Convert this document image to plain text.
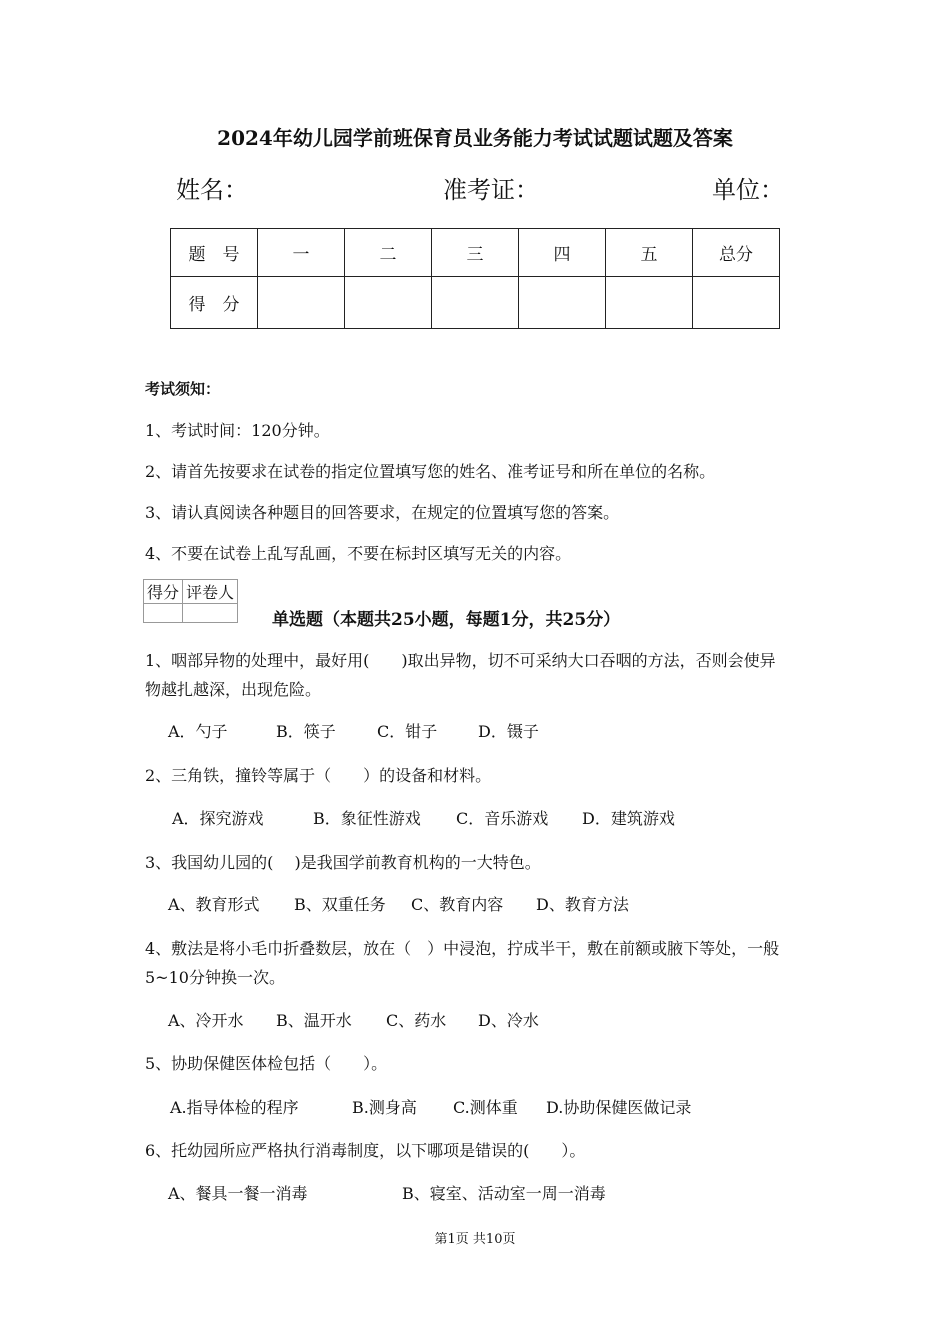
2024年幼儿园学前班保育员业务能力考试试题试题及答案
姓名：	准考证：	单位：
题　号	一	二	三	四	五	总分
得　分						
考试须知：
1、考试时间：120分钟。
2、请首先按要求在试卷的指定位置填写您的姓名、准考证号和所在单位的名称。
3、请认真阅读各种题目的回答要求，在规定的位置填写您的答案。
4、不要在试卷上乱写乱画，不要在标封区填写无关的内容。
得分	评卷人

单选题（本题共25小题，每题1分，共25分）
1、咽部异物的处理中，最好用(　　)取出异物，切不可采纳大口吞咽的方法，否则会使异
物越扎越深，出现危险。
A．勺子	B．筷子	C．钳子	D．镊子
2、三角铁，撞铃等属于（　　）的设备和材料。
A．探究游戏	B．象征性游戏 C．音乐游戏 D．建筑游戏
3、我国幼儿园的(　 )是我国学前教育机构的一大特色。
A、教育形式 B、双重任务 C、教育内容 D、教育方法
4、敷法是将小毛巾折叠数层，放在（　）中浸泡，拧成半干，敷在前额或腋下等处，一般
5~10分钟换一次。
A、冷开水 B、温开水 C、药水 D、冷水
5、协助保健医体检包括（　　）。
A.指导体检的程序	B.测身高 C.测体重 D.协助保健医做记录
6、托幼园所应严格执行消毒制度，以下哪项是错误的(　　）。
A、餐具一餐一消毒	B、寝室、活动室一周一消毒
第1页 共10页
